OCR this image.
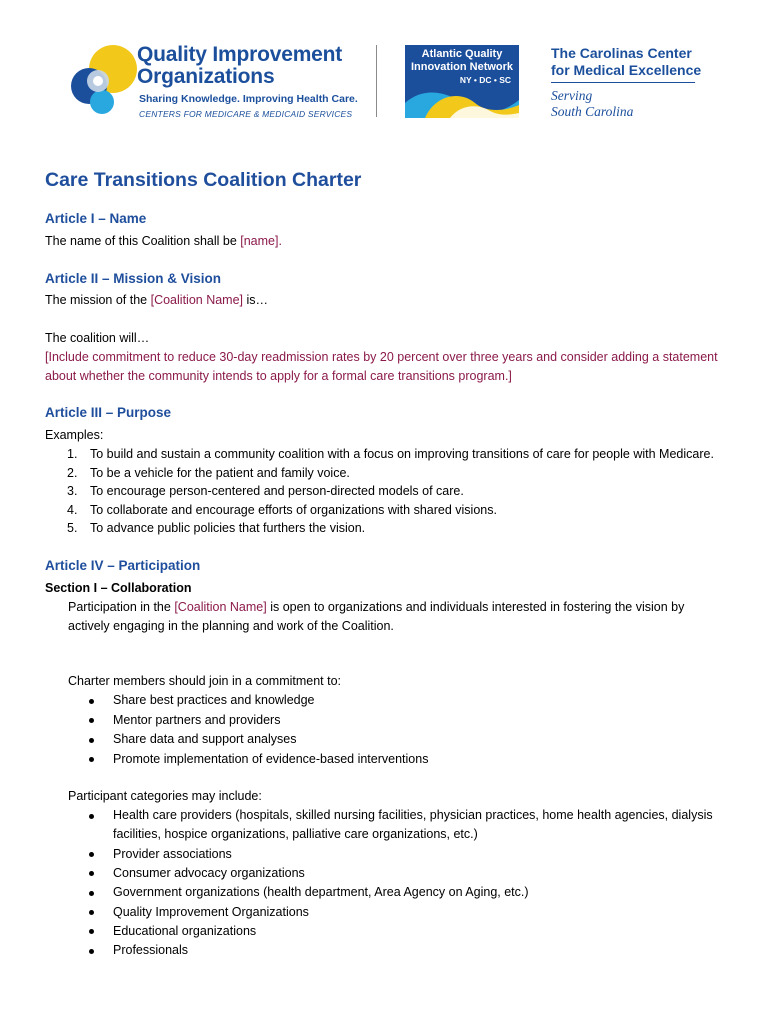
Quality Improvement
Organizations
Sharing Knowledge. Improving Health Care.
CENTERS FOR MEDICARE & MEDICAID SERVICES
Atlantic Quality
Innovation Network
NY • DC • SC
The Carolinas Center
for Medical Excellence
Serving
South Carolina
Care Transitions Coalition Charter
Article I – Name
The name of this Coalition shall be [name].
Article II – Mission & Vision
The mission of the [Coalition Name] is…
The coalition will…
[Include commitment to reduce 30-day readmission rates by 20 percent over three years and consider adding a statement
about whether the community intends to apply for a formal care transitions program.]
Article III – Purpose
Examples:
1. To build and sustain a community coalition with a focus on improving transitions of care for people with Medicare.
2. To be a vehicle for the patient and family voice.
3. To encourage person-centered and person-directed models of care.
4. To collaborate and encourage efforts of organizations with shared visions.
5. To advance public policies that furthers the vision.
Article IV – Participation
Section I – Collaboration
Participation in the [Coalition Name] is open to organizations and individuals interested in fostering the vision by
actively engaging in the planning and work of the Coalition.
Charter members should join in a commitment to:
Share best practices and knowledge
Mentor partners and providers
Share data and support analyses
Promote implementation of evidence-based interventions
Participant categories may include:
Health care providers (hospitals, skilled nursing facilities, physician practices, home health agencies, dialysis
facilities, hospice organizations, palliative care organizations, etc.)
Provider associations
Consumer advocacy organizations
Government organizations (health department, Area Agency on Aging, etc.)
Quality Improvement Organizations
Educational organizations
Professionals
